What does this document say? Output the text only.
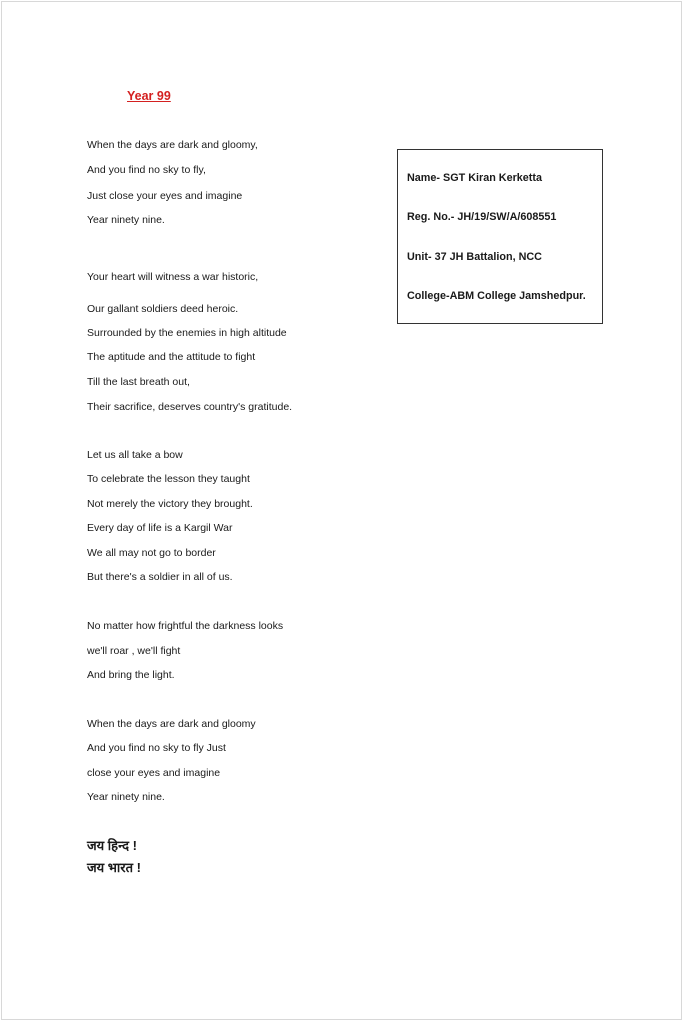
Year 99
When the days are dark and gloomy,
And you find no sky to fly,
Just close your eyes and imagine
Year ninety nine.
Your heart will witness a war historic,
Our gallant soldiers deed heroic.
Surrounded by the enemies in high altitude
The aptitude and the attitude to fight
Till the last breath out,
Their sacrifice, deserves country's gratitude.
Let us all take a bow
To celebrate the lesson they taught
Not merely the victory they brought.
Every day of life is a Kargil War
We all may not go to border
But there's a soldier in all of us.
No matter how frightful the darkness looks
we'll roar , we'll fight
And bring the light.
When the days are dark and gloomy
And you find no sky to fly Just
close your eyes and imagine
Year ninety nine.
जय हिन्द !
जय भारत !
Name- SGT Kiran Kerketta
Reg. No.- JH/19/SW/A/608551
Unit- 37 JH Battalion, NCC
College-ABM College Jamshedpur.
